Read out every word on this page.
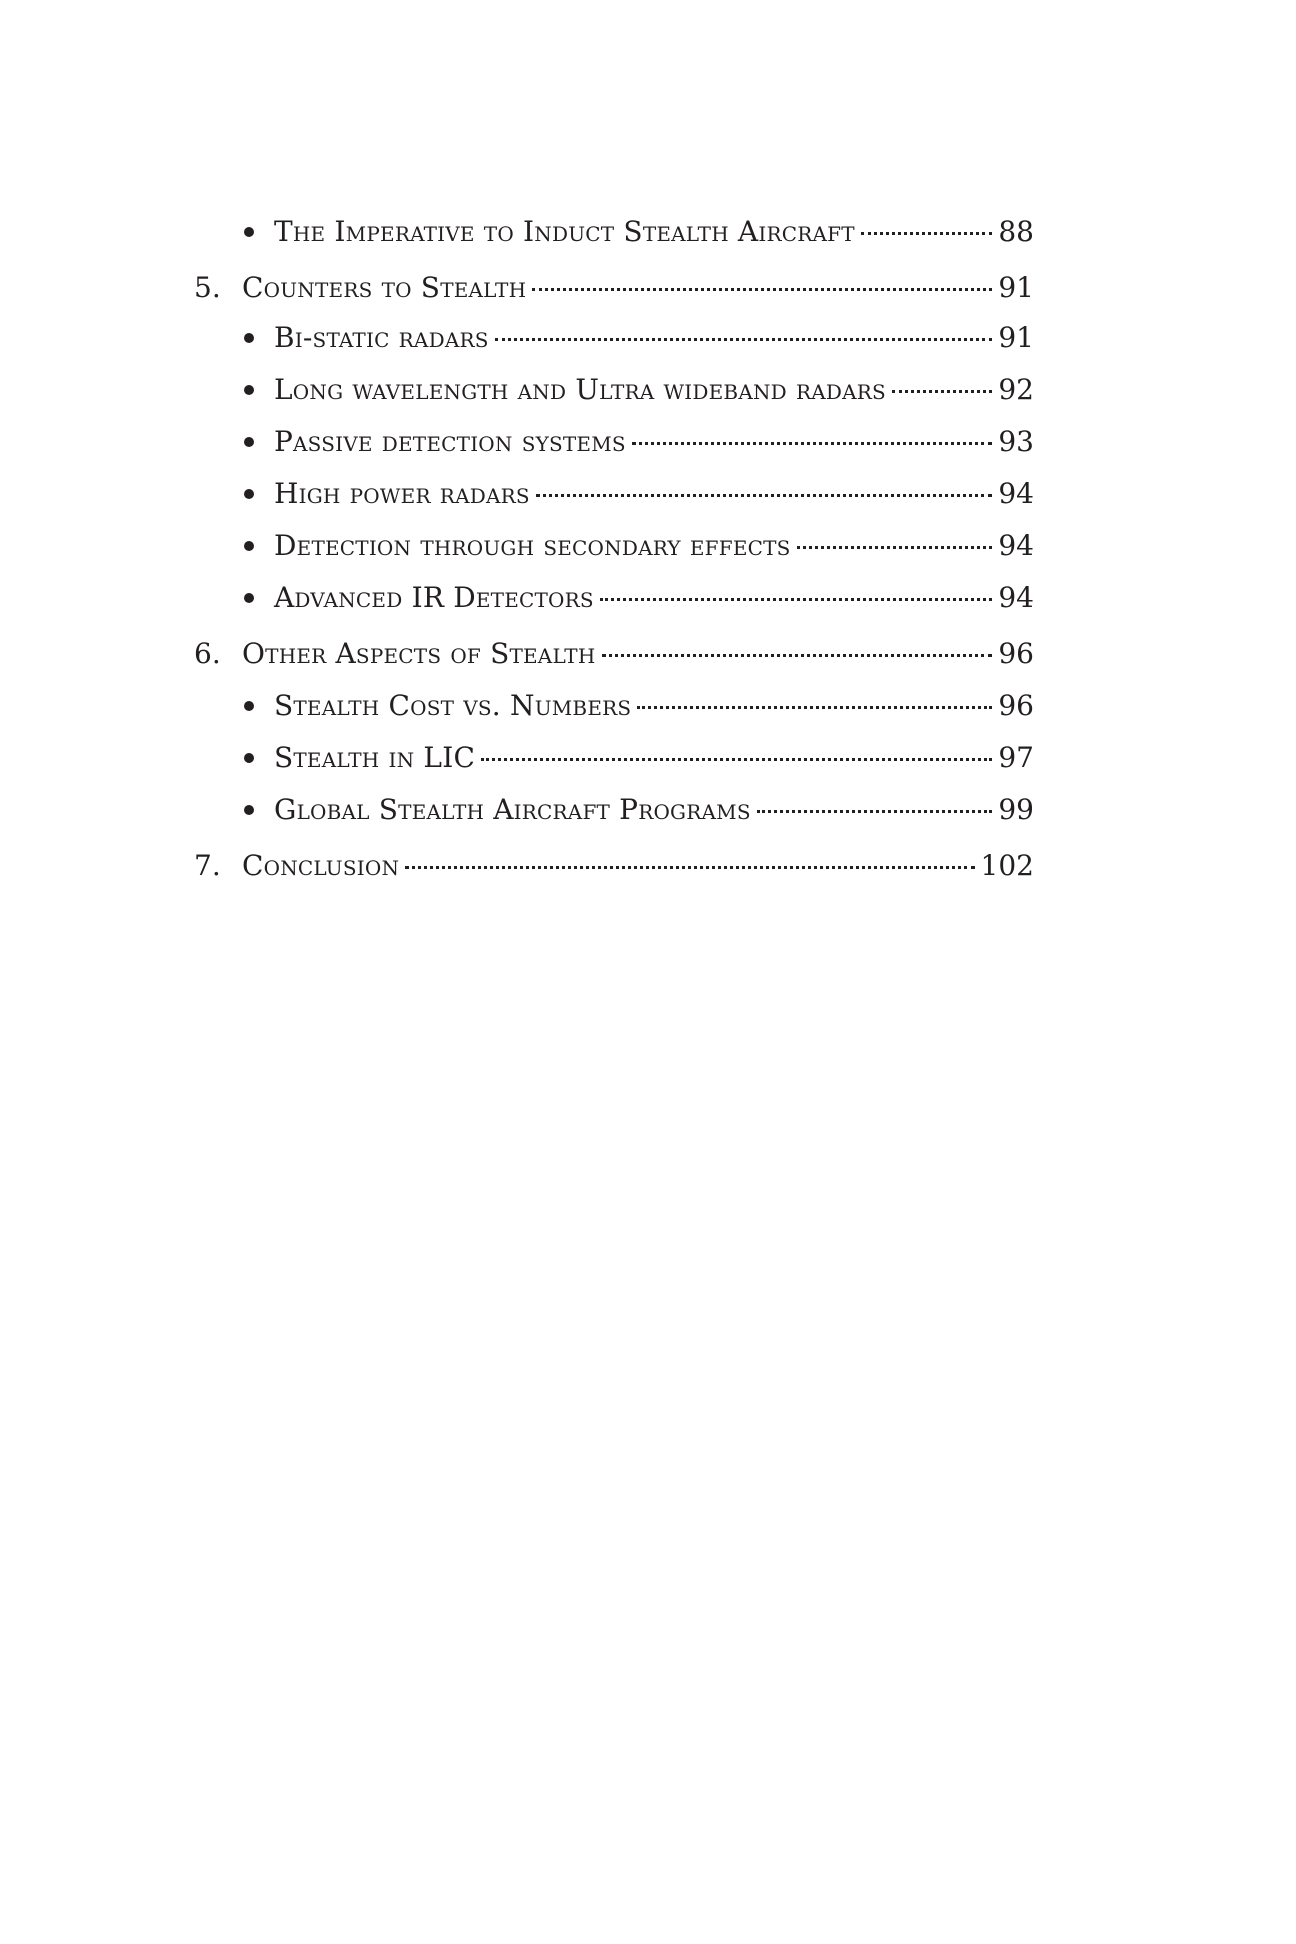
The Imperative to Induct Stealth Aircraft	88
5. Counters to Stealth	91
Bi-static radars	91
Long wavelength and Ultra wideband radars	92
Passive detection systems	93
High power radars	94
Detection through secondary effects	94
Advanced IR Detectors	94
6. Other Aspects of Stealth	96
Stealth Cost vs. Numbers	96
Stealth in LIC	97
Global Stealth Aircraft Programs	99
7. Conclusion	102
